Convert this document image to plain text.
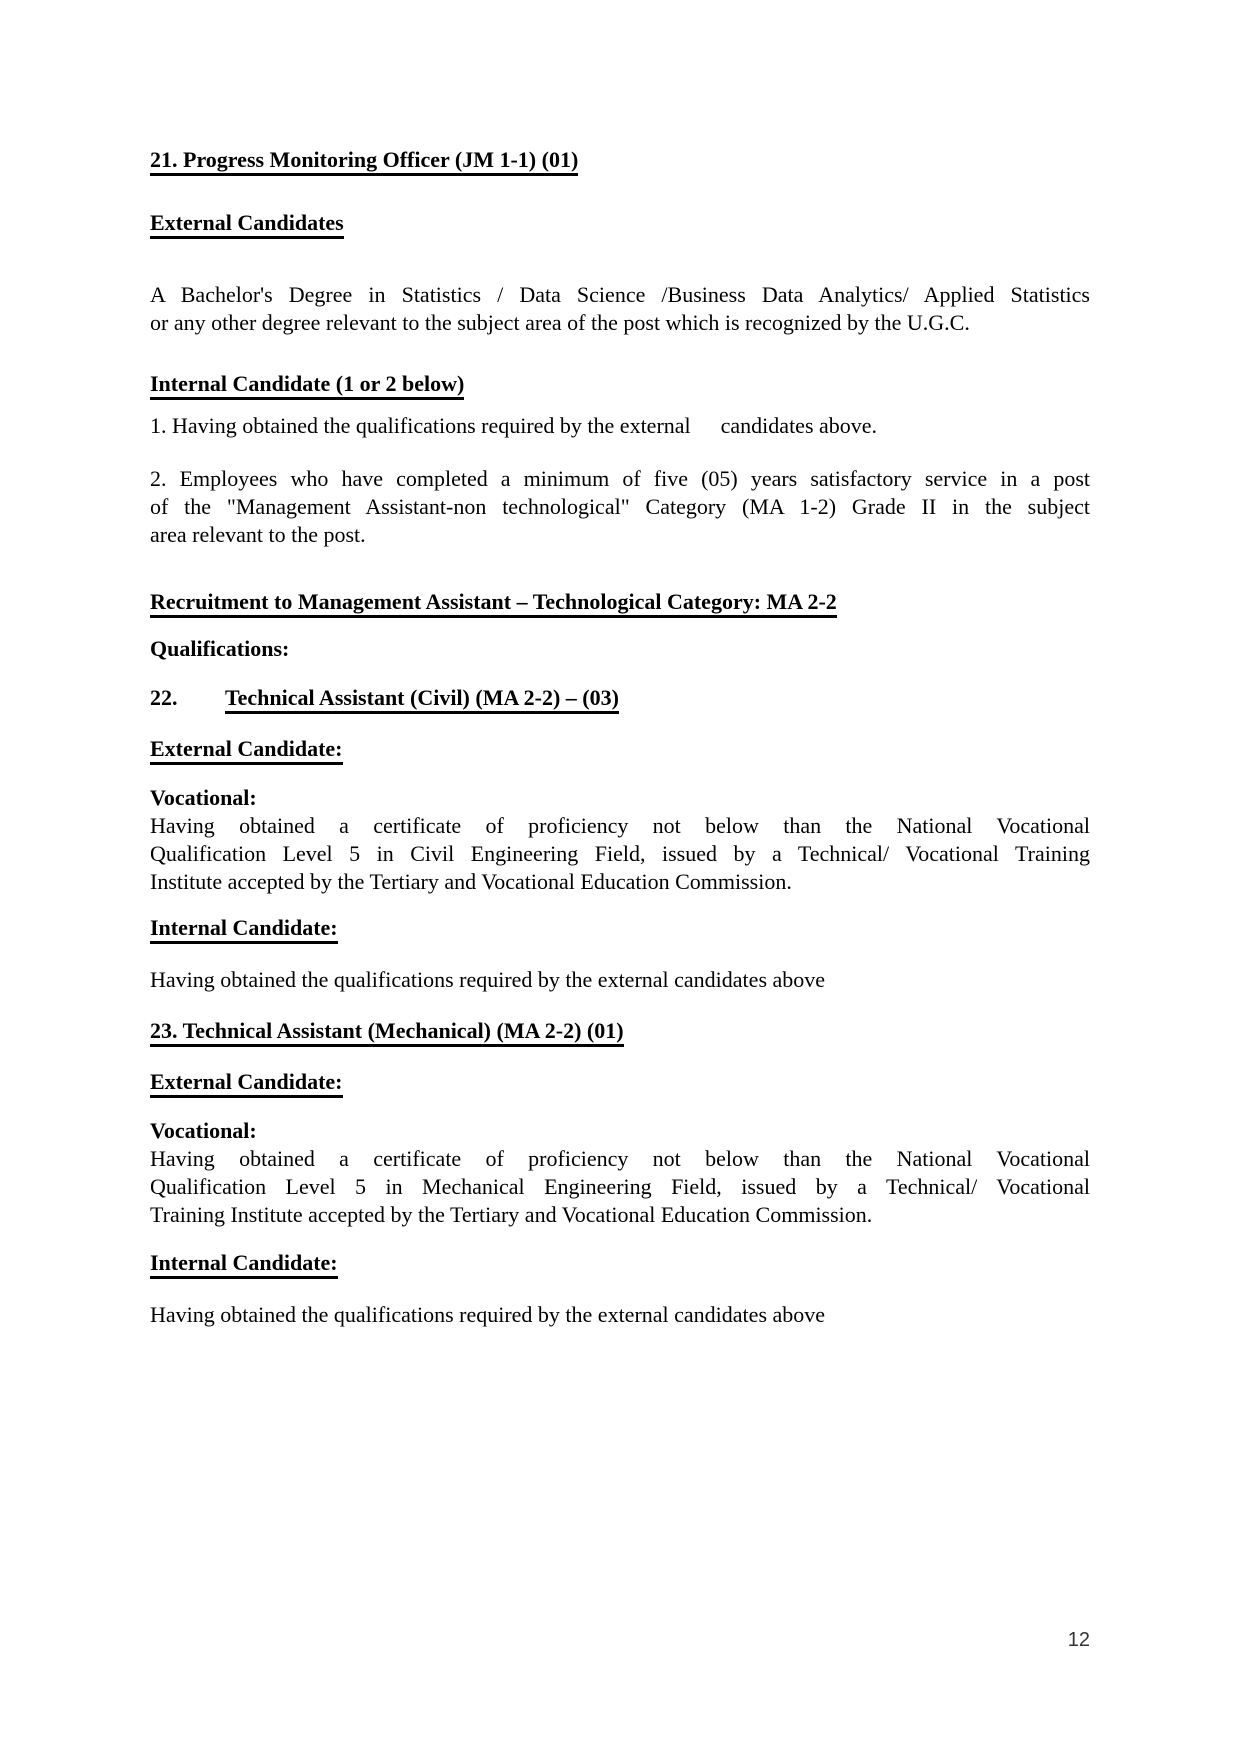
21. Progress Monitoring Officer (JM 1-1) (01)
External Candidates
A Bachelor's Degree in Statistics / Data Science /Business Data Analytics/ Applied Statistics
or any other degree relevant to the subject area of the post which is recognized by the U.G.C.
Internal Candidate (1 or 2 below)
1. Having obtained the qualifications required by the external candidates above.
2. Employees who have completed a minimum of five (05) years satisfactory service in a post
of the "Management Assistant-non technological" Category (MA 1-2) Grade II in the subject
area relevant to the post.
Recruitment to Management Assistant – Technological Category: MA 2-2
Qualifications:
22. Technical Assistant (Civil) (MA 2-2) – (03)
External Candidate:
Vocational:
Having obtained a certificate of proficiency not below than the National Vocational
Qualification Level 5 in Civil Engineering Field, issued by a Technical/ Vocational Training
Institute accepted by the Tertiary and Vocational Education Commission.
Internal Candidate:
Having obtained the qualifications required by the external candidates above
23. Technical Assistant (Mechanical) (MA 2-2) (01)
External Candidate:
Vocational:
Having obtained a certificate of proficiency not below than the National Vocational
Qualification Level 5 in Mechanical Engineering Field, issued by a Technical/ Vocational
Training Institute accepted by the Tertiary and Vocational Education Commission.
Internal Candidate:
Having obtained the qualifications required by the external candidates above
12
